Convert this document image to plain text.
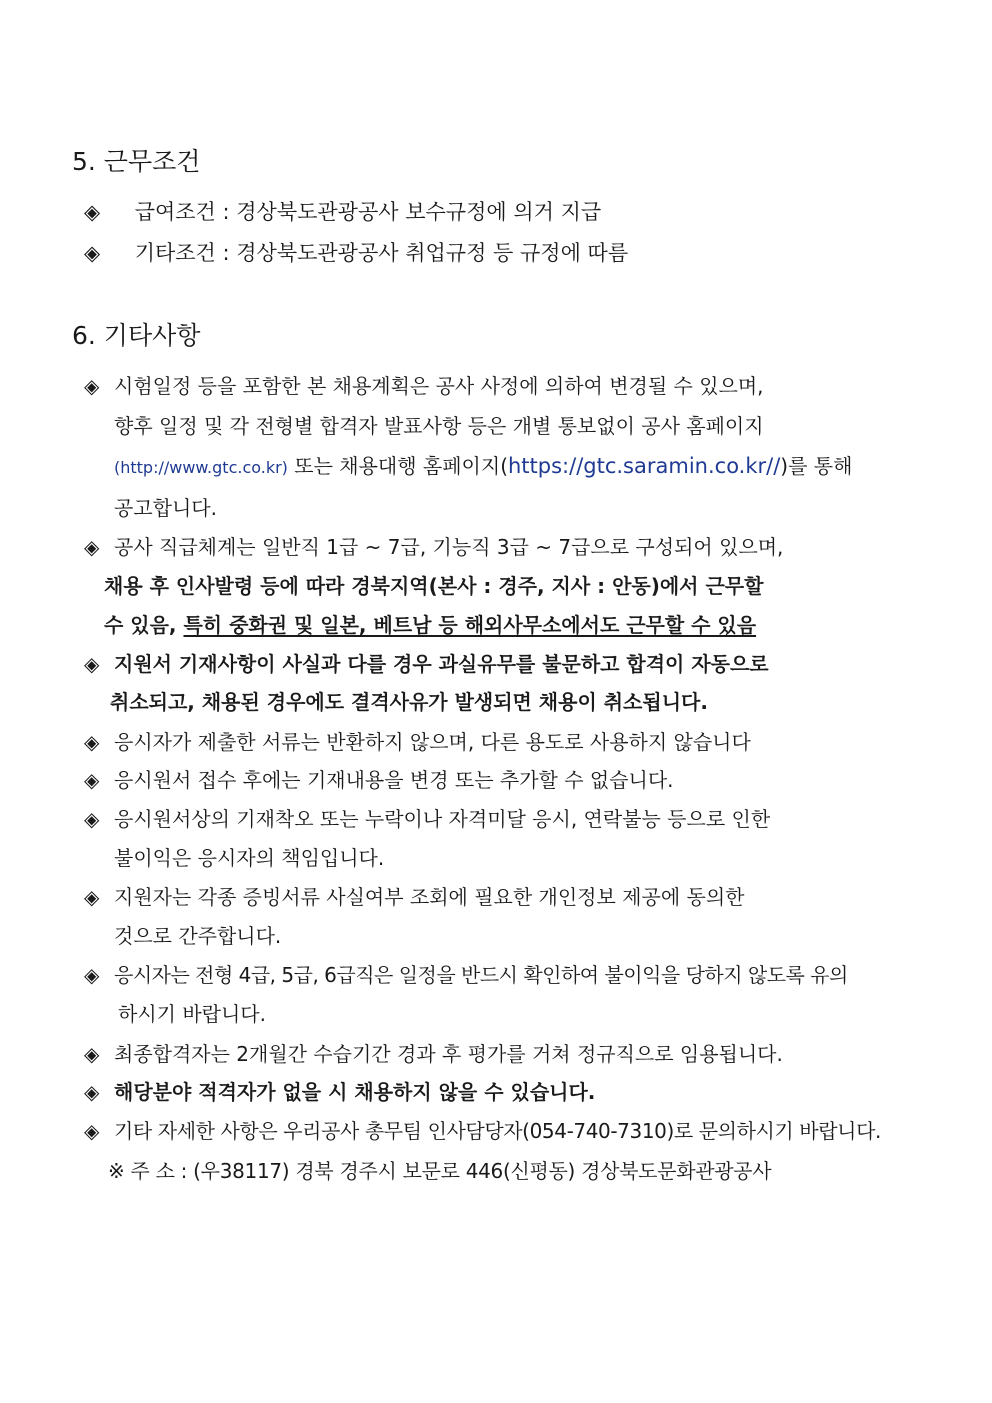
5. 근무조건
◈ 급여조건 : 경상북도관광공사 보수규정에 의거 지급
◈ 기타조건 : 경상북도관광공사 취업규정 등 규정에 따름
6. 기타사항
◈ 시험일정 등을 포함한 본 채용계획은 공사 사정에 의하여 변경될 수 있으며,
향후 일정 및 각 전형별 합격자 발표사항 등은 개별 통보없이 공사 홈페이지
(http://www.gtc.co.kr) 또는 채용대행 홈페이지(https://gtc.saramin.co.kr//)를 통해
공고합니다.
◈ 공사 직급체계는 일반직 1급 ~ 7급, 기능직 3급 ~ 7급으로 구성되어 있으며,
채용 후 인사발령 등에 따라 경북지역(본사 : 경주, 지사 : 안동)에서 근무할
수 있음, 특히 중화권 및 일본, 베트남 등 해외사무소에서도 근무할 수 있음
◈ 지원서 기재사항이 사실과 다를 경우 과실유무를 불문하고 합격이 자동으로
취소되고, 채용된 경우에도 결격사유가 발생되면 채용이 취소됩니다.
◈ 응시자가 제출한 서류는 반환하지 않으며, 다른 용도로 사용하지 않습니다
◈ 응시원서 접수 후에는 기재내용을 변경 또는 추가할 수 없습니다.
◈ 응시원서상의 기재착오 또는 누락이나 자격미달 응시, 연락불능 등으로 인한
불이익은 응시자의 책임입니다.
◈ 지원자는 각종 증빙서류 사실여부 조회에 필요한 개인정보 제공에 동의한
것으로 간주합니다.
◈ 응시자는 전형 4급, 5급, 6급직은 일정을 반드시 확인하여 불이익을 당하지 않도록 유의
하시기 바랍니다.
◈ 최종합격자는 2개월간 수습기간 경과 후 평가를 거쳐 정규직으로 임용됩니다.
◈ 해당분야 적격자가 없을 시 채용하지 않을 수 있습니다.
◈ 기타 자세한 사항은 우리공사 총무팀 인사담당자(054-740-7310)로 문의하시기 바랍니다.
※ 주 소 : (우38117) 경북 경주시 보문로 446(신평동) 경상북도문화관광공사
